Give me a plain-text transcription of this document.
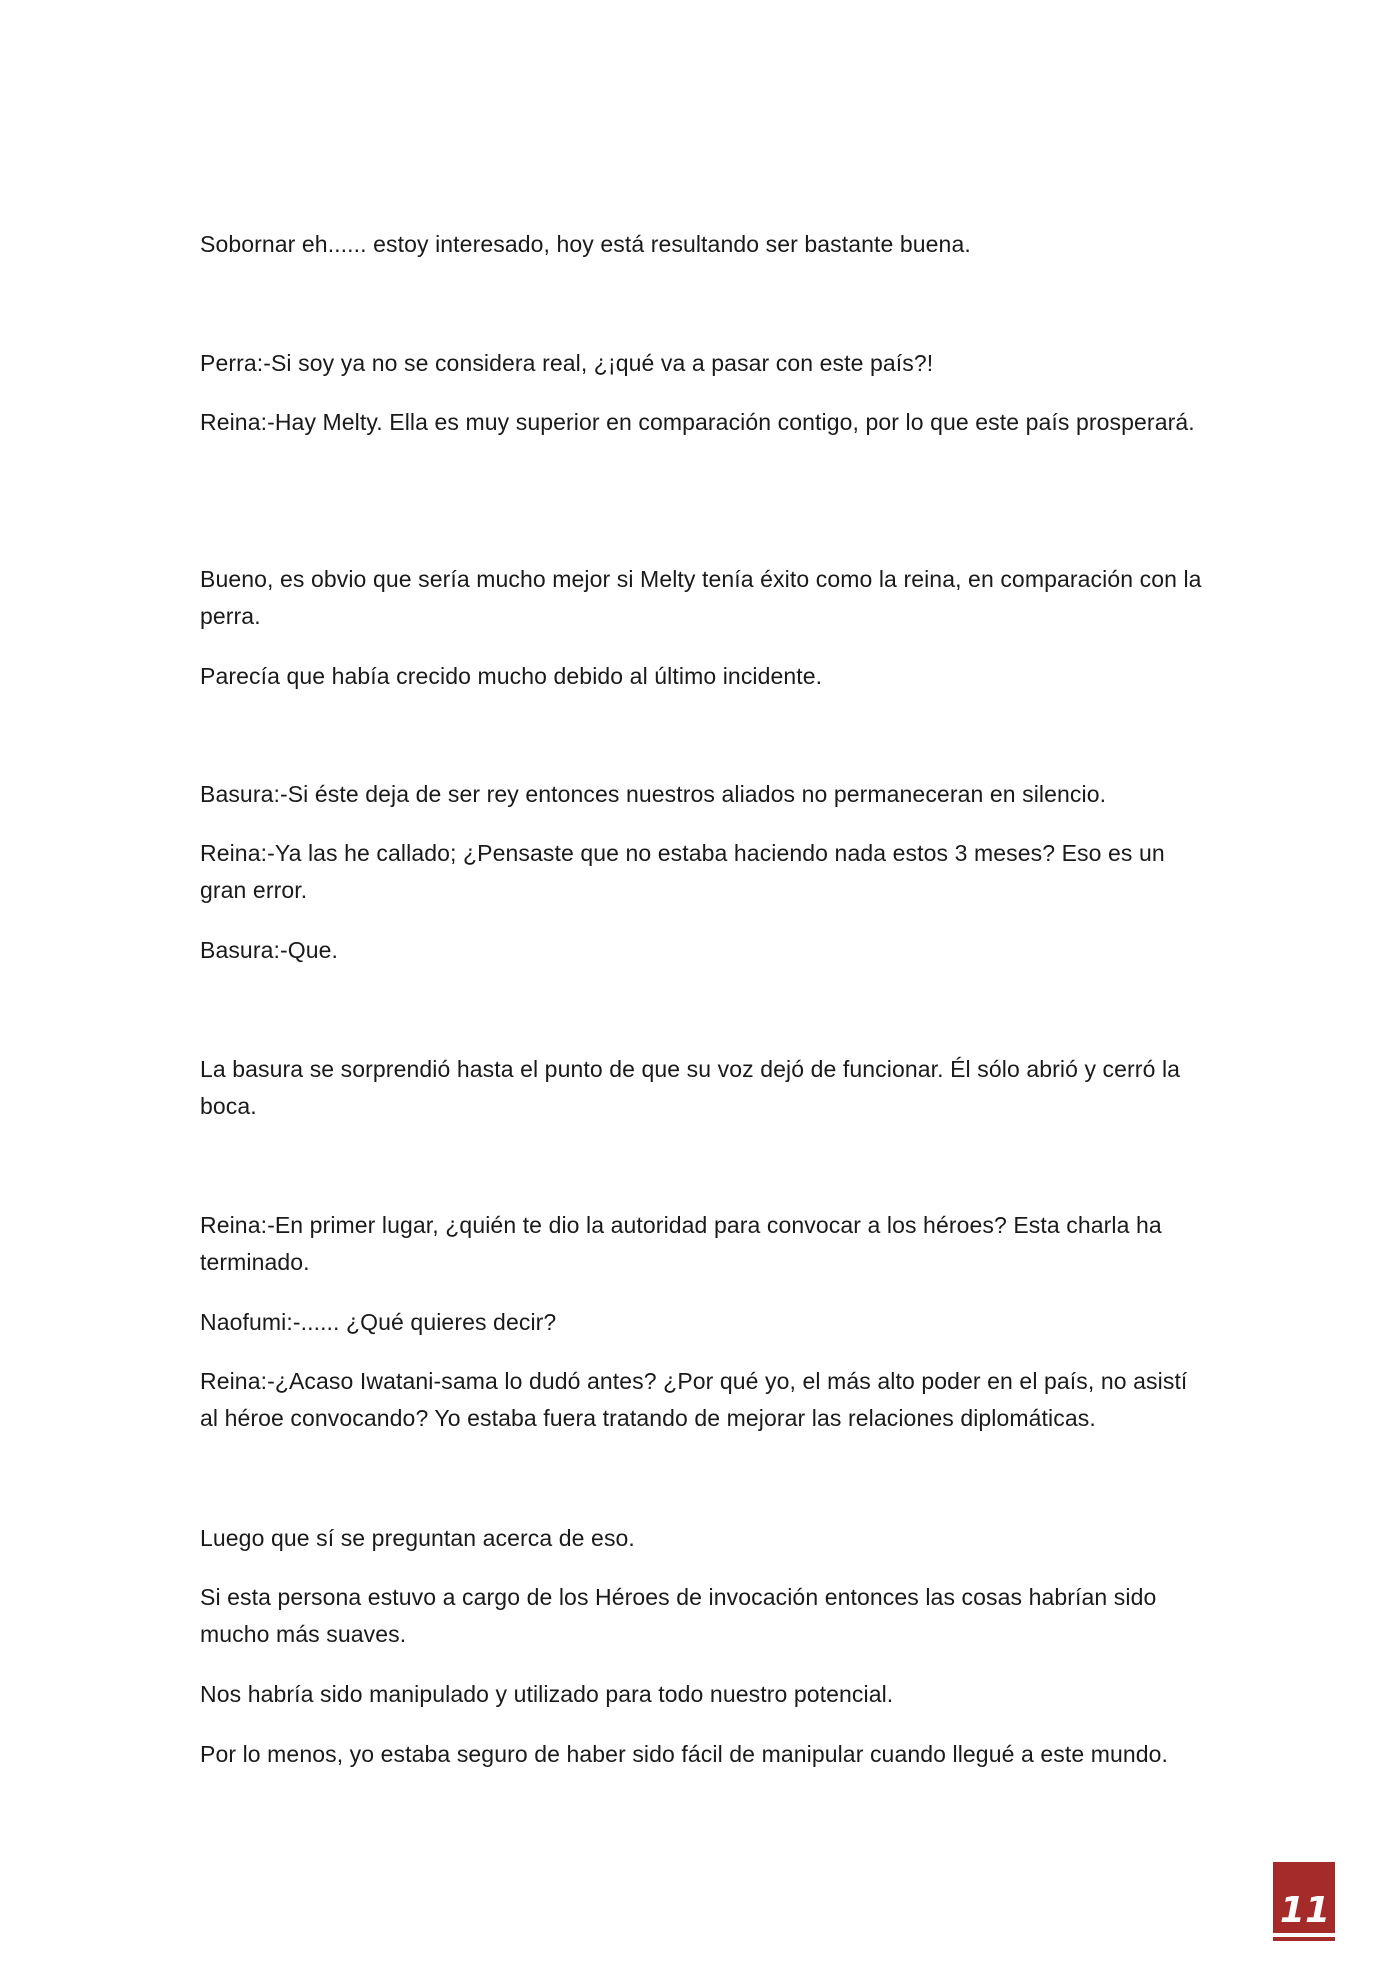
Sobornar eh...... estoy interesado, hoy está resultando ser bastante buena.

Perra:-Si soy ya no se considera real, ¿¡qué va a pasar con este país?!

Reina:-Hay Melty. Ella es muy superior en comparación contigo, por lo que este país prosperará.

Bueno, es obvio que sería mucho mejor si Melty tenía éxito como la reina, en comparación con la perra.

Parecía que había crecido mucho debido al último incidente.

Basura:-Si éste deja de ser rey entonces nuestros aliados no permaneceran en silencio.

Reina:-Ya las he callado; ¿Pensaste que no estaba haciendo nada estos 3 meses? Eso es un gran error.

Basura:-Que.

La basura se sorprendió hasta el punto de que su voz dejó de funcionar. Él sólo abrió y cerró la boca.

Reina:-En primer lugar, ¿quién te dio la autoridad para convocar a los héroes? Esta charla ha terminado.

Naofumi:-...... ¿Qué quieres decir?

Reina:-¿Acaso Iwatani-sama lo dudó antes? ¿Por qué yo, el más alto poder en el país, no asistí al héroe convocando? Yo estaba fuera tratando de mejorar las relaciones diplomáticas.

Luego que sí se preguntan acerca de eso.

Si esta persona estuvo a cargo de los Héroes de invocación entonces las cosas habrían sido mucho más suaves.

Nos habría sido manipulado y utilizado para todo nuestro potencial.

Por lo menos, yo estaba seguro de haber sido fácil de manipular cuando llegué a este mundo.

11
